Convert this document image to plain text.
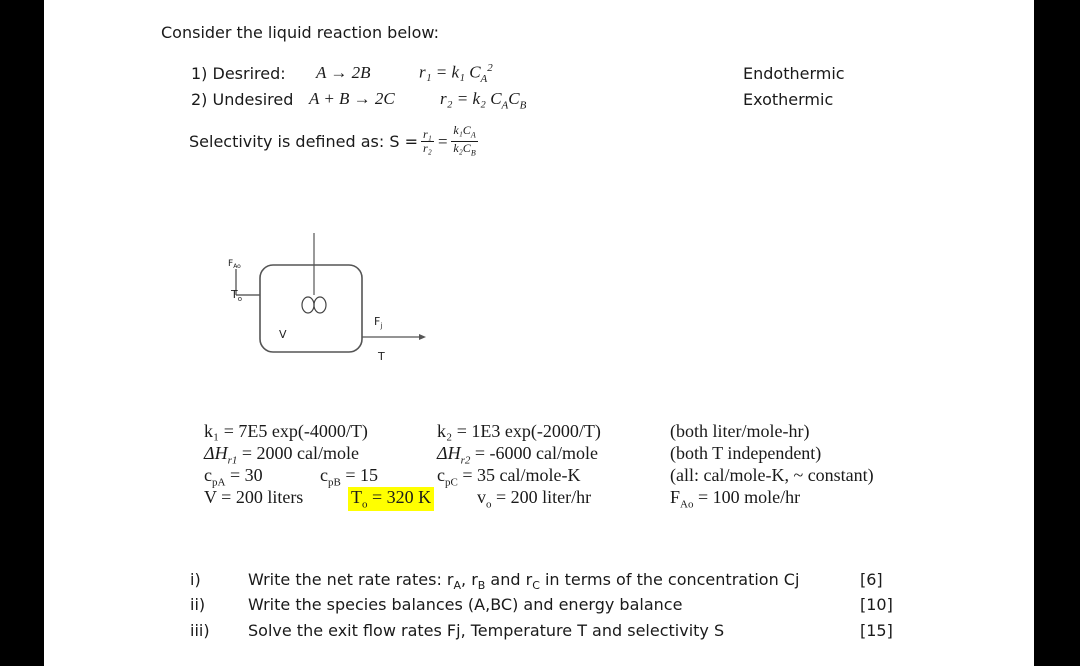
Consider the liquid reaction below:
1) Desrired: A → 2B	r₁ = k₁ $C_A^2$	Endothermic
2) Undesired A + B → 2C	r₂ = k₂ $C_AC_B$	Exothermic
Selectivity is defined as: $S = \frac{\text{r₁}}{\text{r₂}} = \frac{k_1C_A}{k_2C_B}$
$F_{Ao}$
$T_o$
V
$F_j$
T
k₁ = 7E5 exp(-4000/T)	k₂ = 1E3 exp(-2000/T)	(both liter/mole-hr)
$\Delta H_{r1} = 2000$ cal/mole	$\Delta H_{r2} = -6000$ cal/mole	(both T independent)
$c_{pA} = 30$	$c_{pB} = 15$	$c_{pC} = 35$ cal/mole-K	(all: cal/mole-K, ~ constant)
V = 200 liters	$T_o = 320$ K	$v_o = 200$ liter/hr	$F_{Ao} = 100$ mole/hr
i)	Write the net rate rates: $r_A$, $r_B$ and $r_C$ in terms of the concentration Cj	[6]
ii)	Write the species balances (A,BC) and energy balance	[10]
iii) Solve the exit flow rates Fj, Temperature T and selectivity S	[15]
